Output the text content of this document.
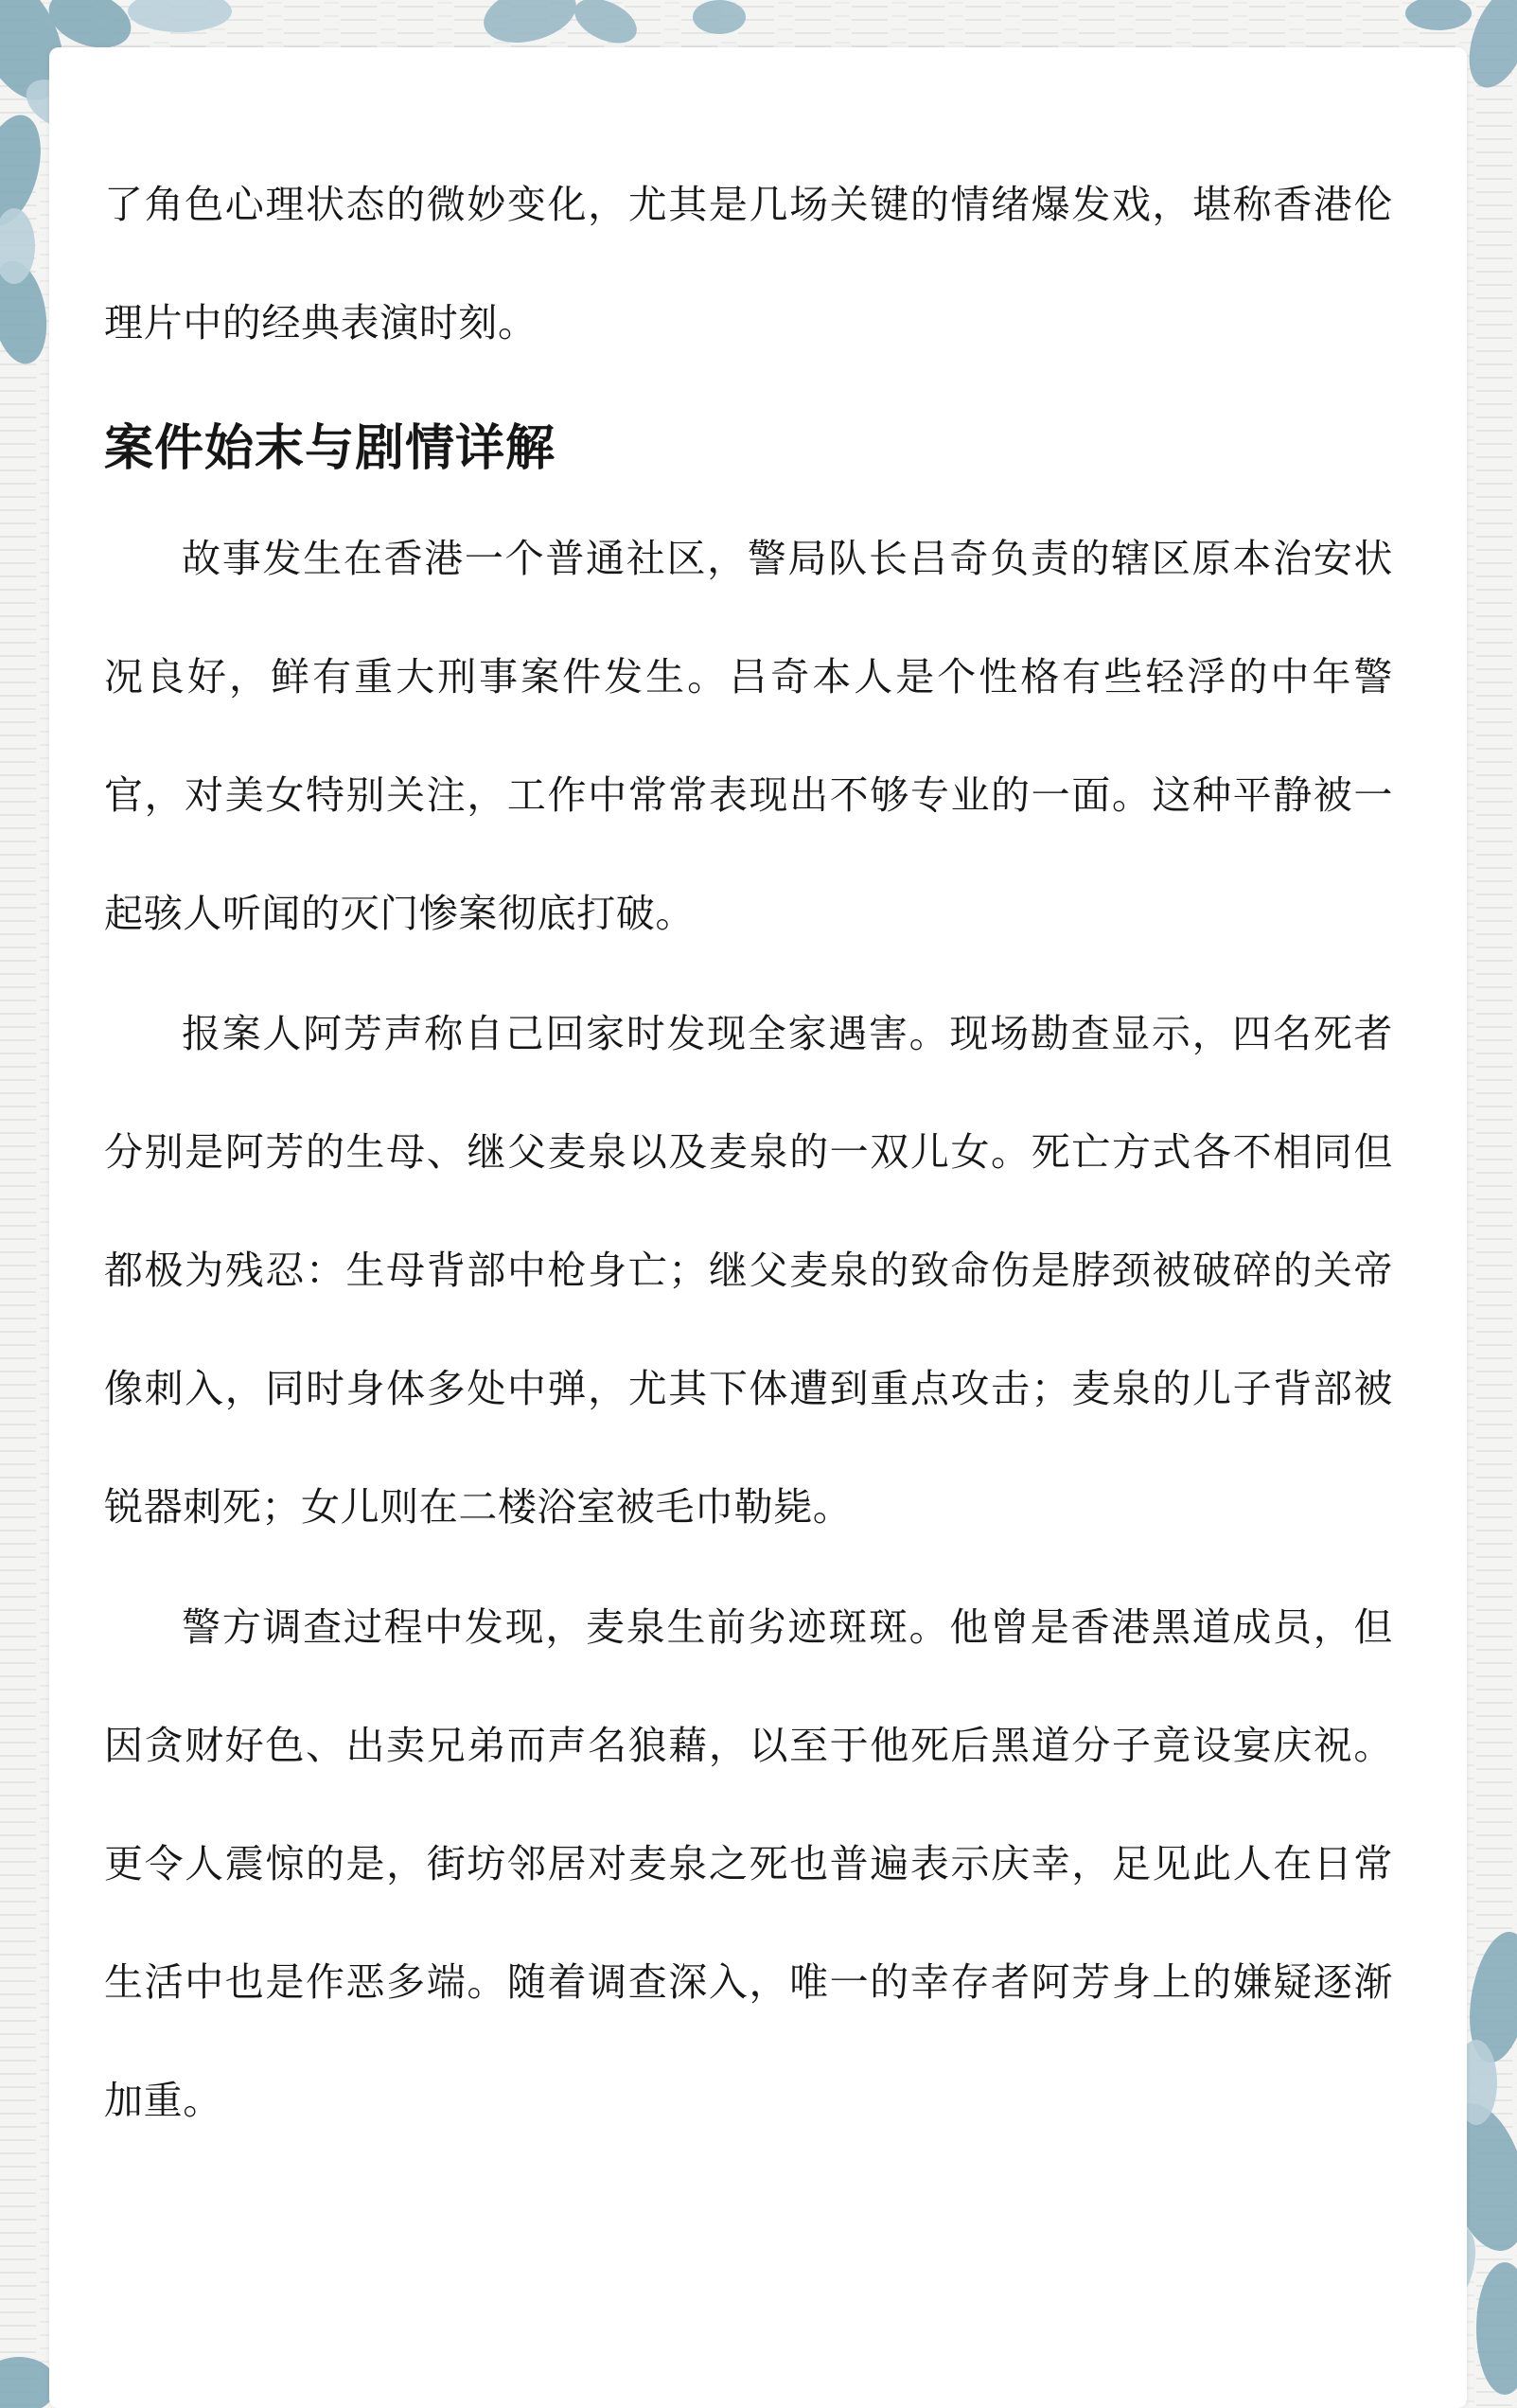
了角色心理状态的微妙变化，尤其是几场关键的情绪爆发戏，堪称香港伦理片中的经典表演时刻。

案件始末与剧情详解

故事发生在香港一个普通社区，警局队长吕奇负责的辖区原本治安状况良好，鲜有重大刑事案件发生。吕奇本人是个性格有些轻浮的中年警官，对美女特别关注，工作中常常表现出不够专业的一面。这种平静被一起骇人听闻的灭门惨案彻底打破。

报案人阿芳声称自己回家时发现全家遇害。现场勘查显示，四名死者分别是阿芳的生母、继父麦泉以及麦泉的一双儿女。死亡方式各不相同但都极为残忍：生母背部中枪身亡；继父麦泉的致命伤是脖颈被破碎的关帝像刺入，同时身体多处中弹，尤其下体遭到重点攻击；麦泉的儿子背部被锐器刺死；女儿则在二楼浴室被毛巾勒毙。

警方调查过程中发现，麦泉生前劣迹斑斑。他曾是香港黑道成员，但因贪财好色、出卖兄弟而声名狼藉，以至于他死后黑道分子竟设宴庆祝。更令人震惊的是，街坊邻居对麦泉之死也普遍表示庆幸，足见此人在日常生活中也是作恶多端。随着调查深入，唯一的幸存者阿芳身上的嫌疑逐渐加重。
